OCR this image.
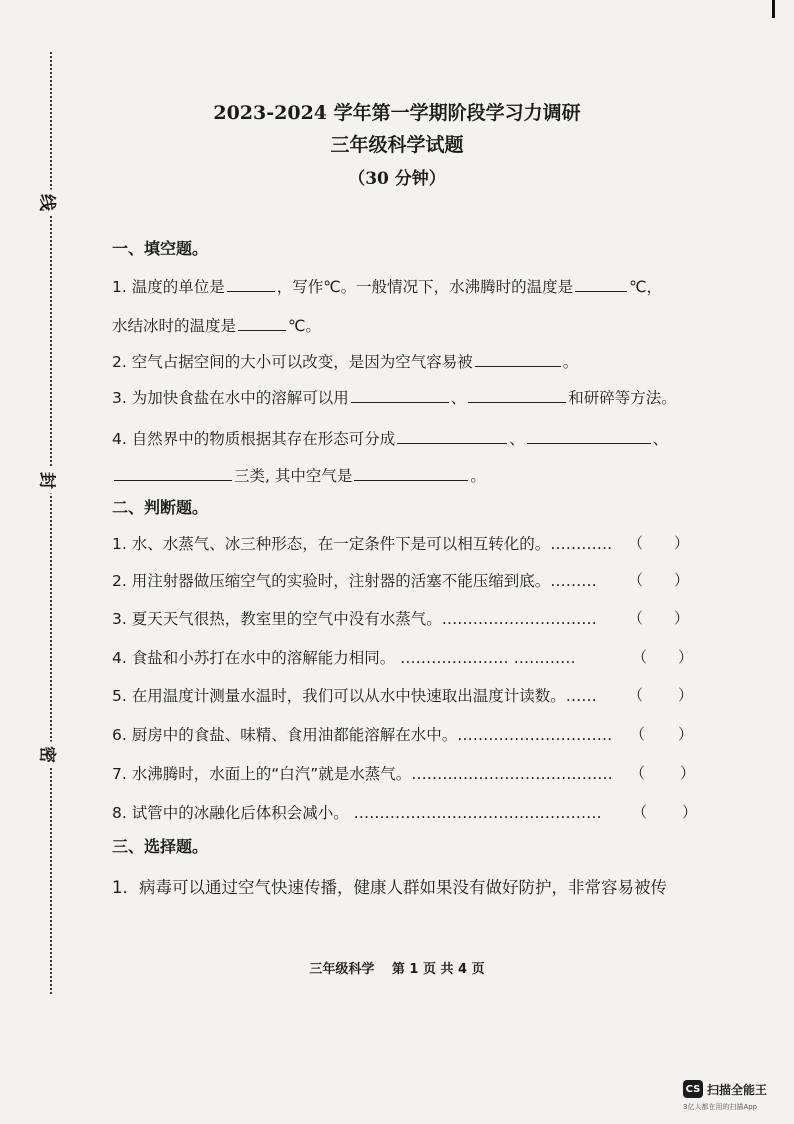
线
封
密
2023-2024 学年第一学期阶段学习力调研
三年级科学试题
（30 分钟）
一、填空题。
1. 温度的单位是	，写作℃。一般情况下，水沸腾时的温度是	℃，
水结冰时的温度是	℃。
2. 空气占据空间的大小可以改变，是因为空气容易被	。
3. 为加快食盐在水中的溶解可以用	、	和研碎等方法。
4. 自然界中的物质根据其存在形态可分成	、	、
三类, 其中空气是	。
二、判断题。
1. 水、水蒸气、冰三种形态，在一定条件下是可以相互转化的。………… （ ）
2. 用注射器做压缩空气的实验时，注射器的活塞不能压缩到底。……… （ ）
3. 夏天天气很热，教室里的空气中没有水蒸气。………………………… （ ）
4. 食盐和小苏打在水中的溶解能力相同。 ………………… …………	（ ）
5. 在用温度计测量水温时，我们可以从水中快速取出温度计读数。…… （ ）
6. 厨房中的食盐、味精、食用油都能溶解在水中。………………………… （ ）
7. 水沸腾时，水面上的“白汽”就是水蒸气。………………………………… （ ）
8. 试管中的冰融化后体积会减小。 ………………………………………… （ ）
三、选择题。
1．病毒可以通过空气快速传播，健康人群如果没有做好防护，非常容易被传
三年级科学　 第 1 页 共 4 页
CS 扫描全能王
3亿人都在用的扫描App
